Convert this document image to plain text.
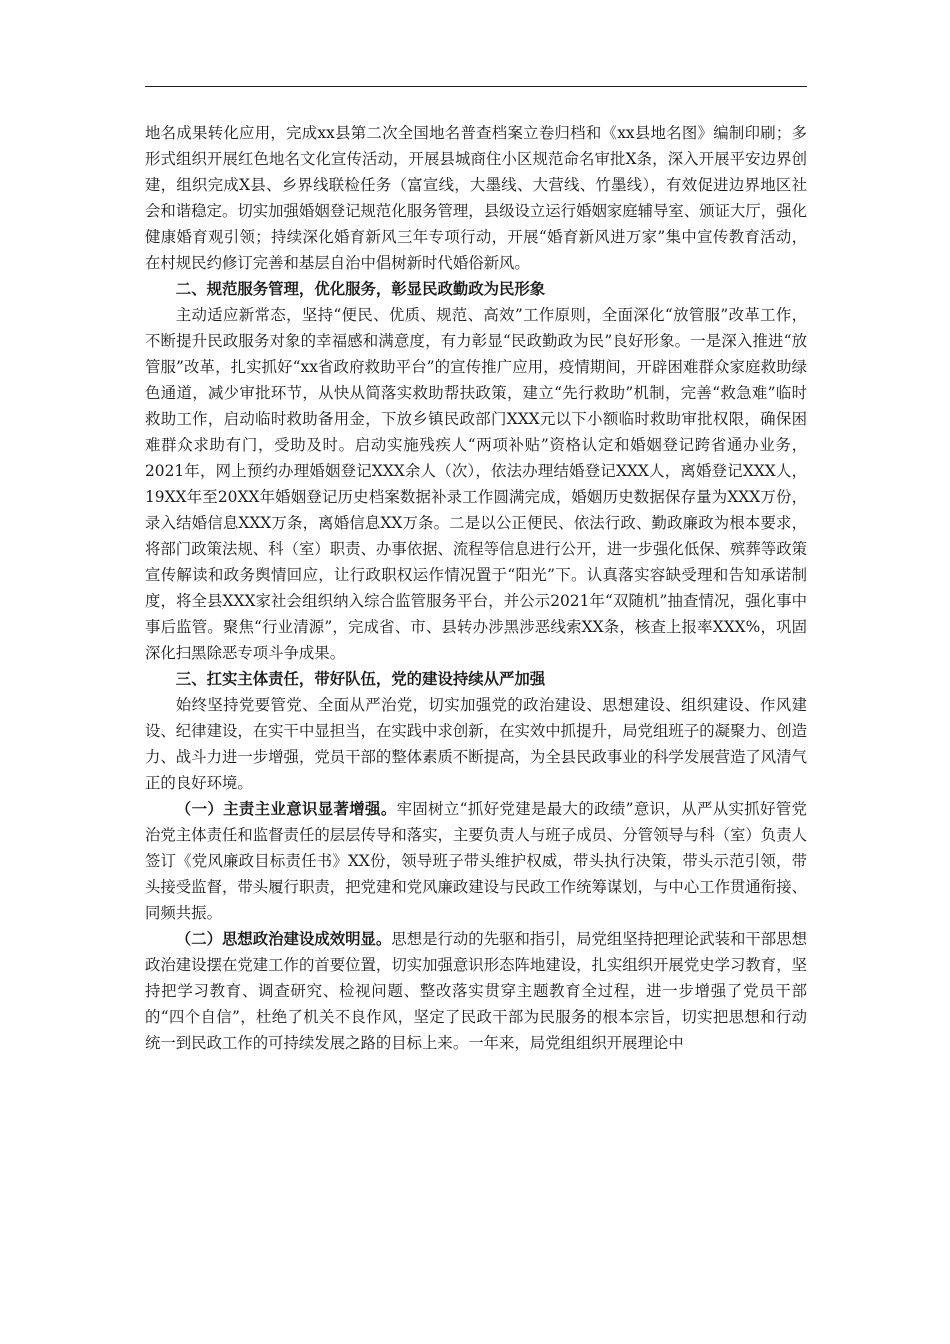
地名成果转化应用，完成xx县第二次全国地名普查档案立卷归档和《xx县地名图》编制印刷；多形式组织开展红色地名文化宣传活动，开展县城商住小区规范命名审批X条，深入开展平安边界创建，组织完成X县、乡界线联检任务（富宣线，大墨线、大营线、竹墨线），有效促进边界地区社会和谐稳定。切实加强婚姻登记规范化服务管理，县级设立运行婚姻家庭辅导室、颁证大厅，强化健康婚育观引领；持续深化婚育新风三年专项行动，开展“婚育新风进万家”集中宣传教育活动，在村规民约修订完善和基层自治中倡树新时代婚俗新风。

二、规范服务管理，优化服务，彰显民政勤政为民形象

主动适应新常态，坚持“便民、优质、规范、高效”工作原则，全面深化“放管服”改革工作，不断提升民政服务对象的幸福感和满意度，有力彰显“民政勤政为民”良好形象。一是深入推进“放管服”改革，扎实抓好“xx省政府救助平台”的宣传推广应用，疫情期间，开辟困难群众家庭救助绿色通道，减少审批环节，从快从简落实救助帮扶政策，建立“先行救助”机制，完善“救急难”临时救助工作，启动临时救助备用金，下放乡镇民政部门XXX元以下小额临时救助审批权限，确保困难群众求助有门，受助及时。启动实施残疾人“两项补贴”资格认定和婚姻登记跨省通办业务，2021年，网上预约办理婚姻登记XXX余人（次），依法办理结婚登记XXX人，离婚登记XXX人，19XX年至20XX年婚姻登记历史档案数据补录工作圆满完成，婚姻历史数据保存量为XXX万份，录入结婚信息XXX万条，离婚信息XX万条。二是以公正便民、依法行政、勤政廉政为根本要求，将部门政策法规、科（室）职责、办事依据、流程等信息进行公开，进一步强化低保、殡葬等政策宣传解读和政务舆情回应，让行政职权运作情况置于“阳光”下。认真落实容缺受理和告知承诺制度，将全县XXX家社会组织纳入综合监管服务平台，并公示2021年“双随机”抽查情况，强化事中事后监管。聚焦“行业清源”，完成省、市、县转办涉黑涉恶线索XX条，核查上报率XXX%，巩固深化扫黑除恶专项斗争成果。

三、扛实主体责任，带好队伍，党的建设持续从严加强

始终坚持党要管党、全面从严治党，切实加强党的政治建设、思想建设、组织建设、作风建设、纪律建设，在实干中显担当，在实践中求创新，在实效中抓提升，局党组班子的凝聚力、创造力、战斗力进一步增强，党员干部的整体素质不断提高，为全县民政事业的科学发展营造了风清气正的良好环境。

（一）主责主业意识显著增强。牢固树立“抓好党建是最大的政绩”意识，从严从实抓好管党治党主体责任和监督责任的层层传导和落实，主要负责人与班子成员、分管领导与科（室）负责人签订《党风廉政目标责任书》XX份，领导班子带头维护权威，带头执行决策，带头示范引领，带头接受监督，带头履行职责，把党建和党风廉政建设与民政工作统筹谋划，与中心工作贯通衔接、同频共振。

（二）思想政治建设成效明显。思想是行动的先驱和指引，局党组坚持把理论武装和干部思想政治建设摆在党建工作的首要位置，切实加强意识形态阵地建设，扎实组织开展党史学习教育，坚持把学习教育、调查研究、检视问题、整改落实贯穿主题教育全过程，进一步增强了党员干部的“四个自信”，杜绝了机关不良作风，坚定了民政干部为民服务的根本宗旨，切实把思想和行动统一到民政工作的可持续发展之路的目标上来。一年来，局党组组织开展理论中
